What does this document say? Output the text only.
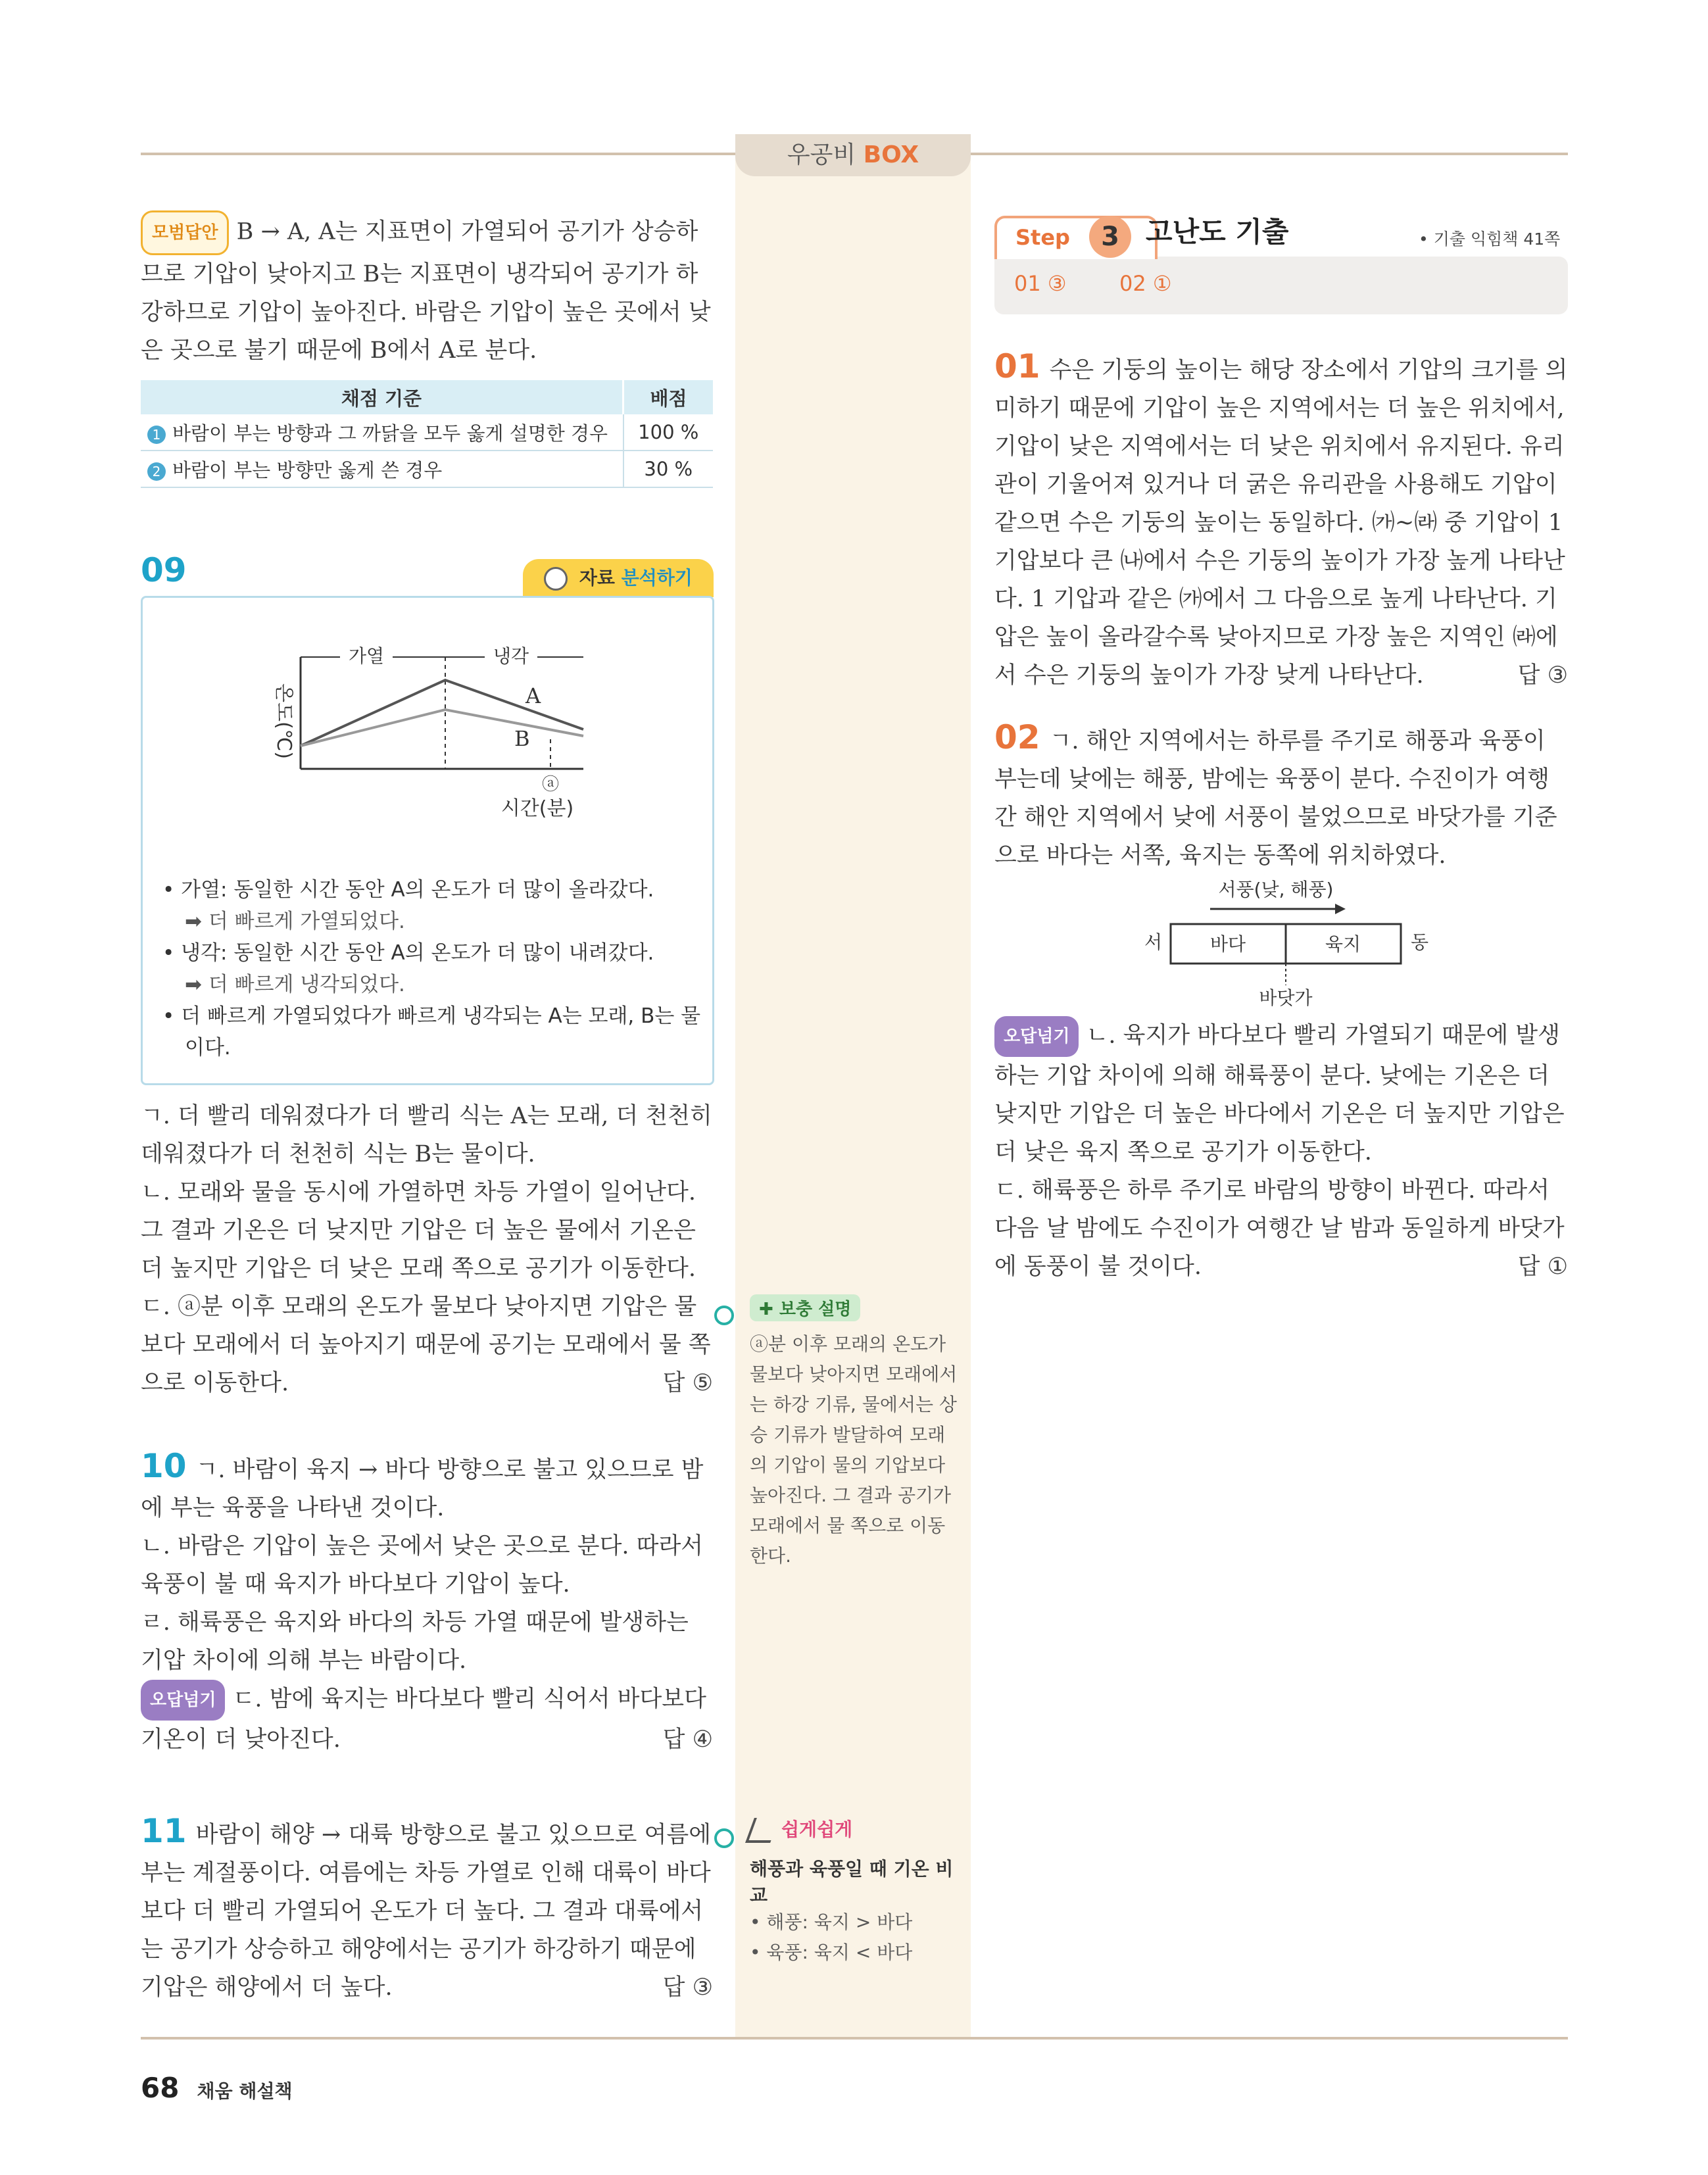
우공비 BOX

모범답안 B → A, A는 지표면이 가열되어 공기가 상승하므로 기압이 낮아지고 B는 지표면이 냉각되어 공기가 하강하므로 기압이 높아진다. 바람은 기압이 높은 곳에서 낮은 곳으로 불기 때문에 B에서 A로 분다.

채점 기준	배점
1 바람이 부는 방향과 그 까닭을 모두 옳게 설명한 경우	100 %
2 바람이 부는 방향만 옳게 쓴 경우	30 %
09	자료 분석하기
온도(℃)
가열	냉각
A
B
ⓐ
시간(분)
• 가열: 동일한 시간 동안 A의 온도가 더 많이 올라갔다.
➡ 더 빠르게 가열되었다.
• 냉각: 동일한 시간 동안 A의 온도가 더 많이 내려갔다.
➡ 더 빠르게 냉각되었다.
• 더 빠르게 가열되었다가 빠르게 냉각되는 A는 모래, B는 물
이다.

ㄱ. 더 빨리 데워졌다가 더 빨리 식는 A는 모래, 더 천천히 데워졌다가 더 천천히 식는 B는 물이다.

ㄴ. 모래와 물을 동시에 가열하면 차등 가열이 일어난다. 그 결과 기온은 더 낮지만 기압은 더 높은 물에서 기온은 더 높지만 기압은 더 낮은 모래 쪽으로 공기가 이동한다.

ㄷ. ⓐ분 이후 모래의 온도가 물보다 낮아지면 기압은 물보다 모래에서 더 높아지기 때문에 공기는 모래에서 물 쪽으로 이동한다.	답 ⑤

10 ㄱ. 바람이 육지 → 바다 방향으로 불고 있으므로 밤에 부는 육풍을 나타낸 것이다.

ㄴ. 바람은 기압이 높은 곳에서 낮은 곳으로 분다. 따라서 육풍이 불 때 육지가 바다보다 기압이 높다.

ㄹ. 해륙풍은 육지와 바다의 차등 가열 때문에 발생하는 기압 차이에 의해 부는 바람이다.

오답넘기 ㄷ. 밤에 육지는 바다보다 빨리 식어서 바다보다 기온이 더 낮아진다.	답 ④

11 바람이 해양 → 대륙 방향으로 불고 있으므로 여름에 부는 계절풍이다. 여름에는 차등 가열로 인해 대륙이 바다보다 더 빨리 가열되어 온도가 더 높다. 그 결과 대륙에서는 공기가 상승하고 해양에서는 공기가 하강하기 때문에 기압은 해양에서 더 높다.	답 ③

✚ 보충 설명
ⓐ분 이후 모래의 온도가 물보다 낮아지면 모래에서는 하강 기류, 물에서는 상승 기류가 발달하여 모래의 기압이 물의 기압보다 높아진다. 그 결과 공기가 모래에서 물 쪽으로 이동한다.
쉽게쉽게
해풍과 육풍일 때 기온 비교
• 해풍: 육지 > 바다
• 육풍: 육지 < 바다
Step	3 고난도 기출	• 기출 익힘책 41쪽
01 ③	02 ①

01 수은 기둥의 높이는 해당 장소에서 기압의 크기를 의미하기 때문에 기압이 높은 지역에서는 더 높은 위치에서, 기압이 낮은 지역에서는 더 낮은 위치에서 유지된다. 유리관이 기울어져 있거나 더 굵은 유리관을 사용해도 기압이 같으면 수은 기둥의 높이는 동일하다. ㈎~㈑ 중 기압이 1 기압보다 큰 ㈏에서 수은 기둥의 높이가 가장 높게 나타난다. 1 기압과 같은 ㈎에서 그 다음으로 높게 나타난다. 기압은 높이 올라갈수록 낮아지므로 가장 높은 지역인 ㈑에서 수은 기둥의 높이가 가장 낮게 나타난다.	답 ③

02 ㄱ. 해안 지역에서는 하루를 주기로 해풍과 육풍이 부는데 낮에는 해풍, 밤에는 육풍이 분다. 수진이가 여행 간 해안 지역에서 낮에 서풍이 불었으므로 바닷가를 기준으로 바다는 서쪽, 육지는 동쪽에 위치하였다.

서풍(낮, 해풍)
서	바다	육지	동
바닷가

오답넘기 ㄴ. 육지가 바다보다 빨리 가열되기 때문에 발생하는 기압 차이에 의해 해륙풍이 분다. 낮에는 기온은 더 낮지만 기압은 더 높은 바다에서 기온은 더 높지만 기압은 더 낮은 육지 쪽으로 공기가 이동한다.

ㄷ. 해륙풍은 하루 주기로 바람의 방향이 바뀐다. 따라서 다음 날 밤에도 수진이가 여행간 날 밤과 동일하게 바닷가에 동풍이 불 것이다.	답 ①

68 채움 해설책
